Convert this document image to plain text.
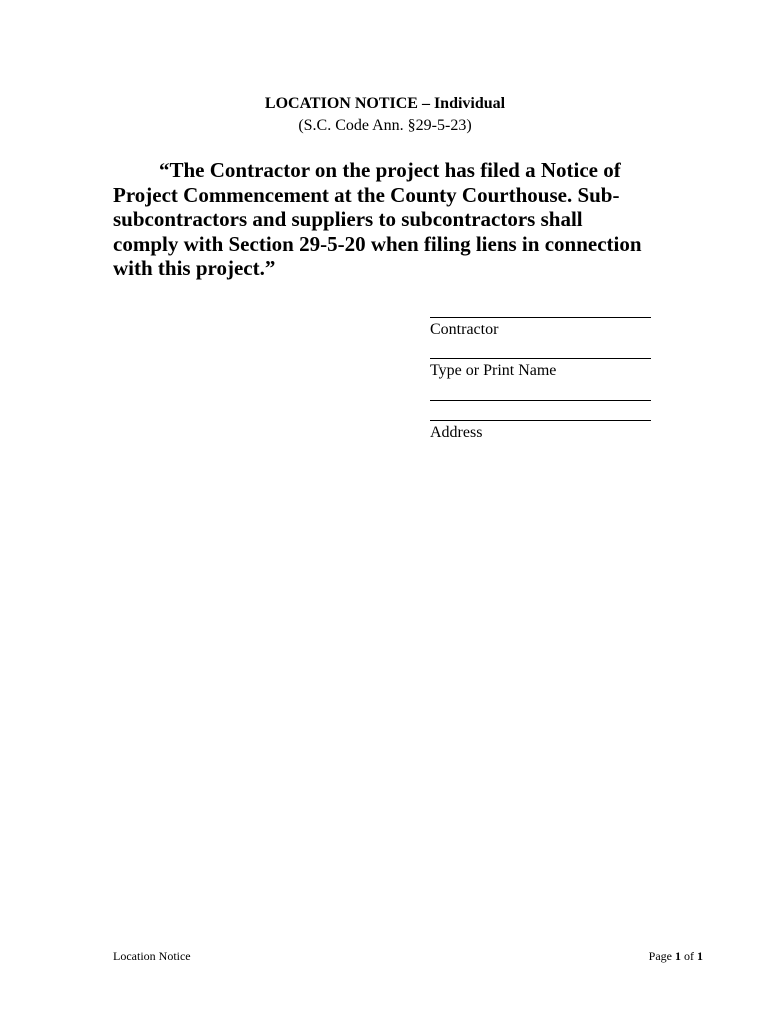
LOCATION NOTICE – Individual
(S.C. Code Ann. §29-5-23)

“The Contractor on the project has filed a Notice of Project Commencement at the County Courthouse. Sub-subcontractors and suppliers to subcontractors shall comply with Section 29-5-20 when filing liens in connection with this project.”

Contractor
Type or Print Name
Address
Location Notice	Page 1 of 1
